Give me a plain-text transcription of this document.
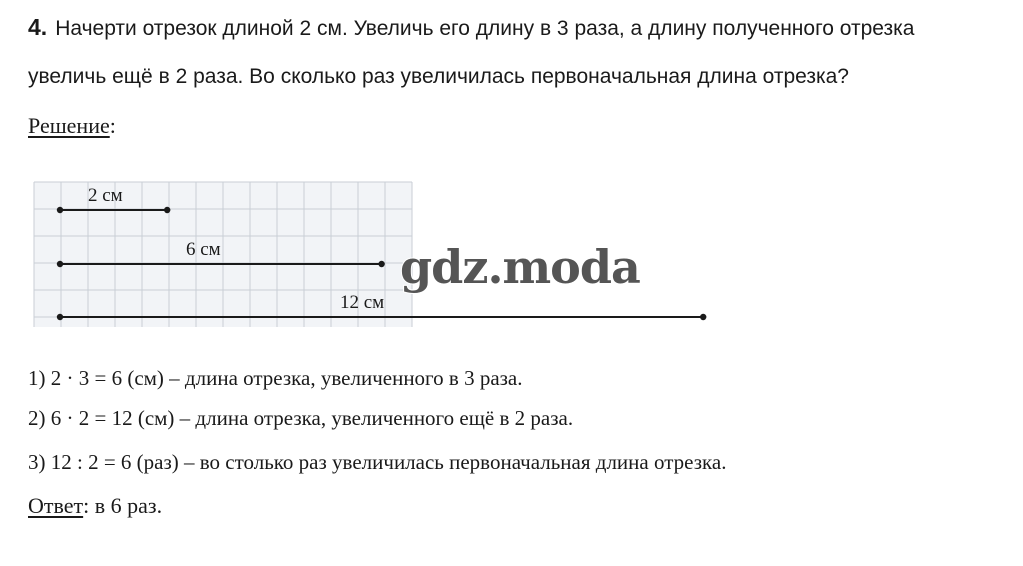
4. Начерти отрезок длиной 2 см. Увеличь его длину в 3 раза, а длину полученного отрезка
увеличь ещё в 2 раза. Во сколько раз увеличилась первоначальная длина отрезка?
Решение:
2 см
6 см
12 см
gdz.moda
1) 2 · 3 = 6 (см) – длина отрезка, увеличенного в 3 раза.
2) 6 · 2 = 12 (см) – длина отрезка, увеличенного ещё в 2 раза.
3) 12 : 2 = 6 (раз) – во столько раз увеличилась первоначальная длина отрезка.
Ответ: в 6 раз.
